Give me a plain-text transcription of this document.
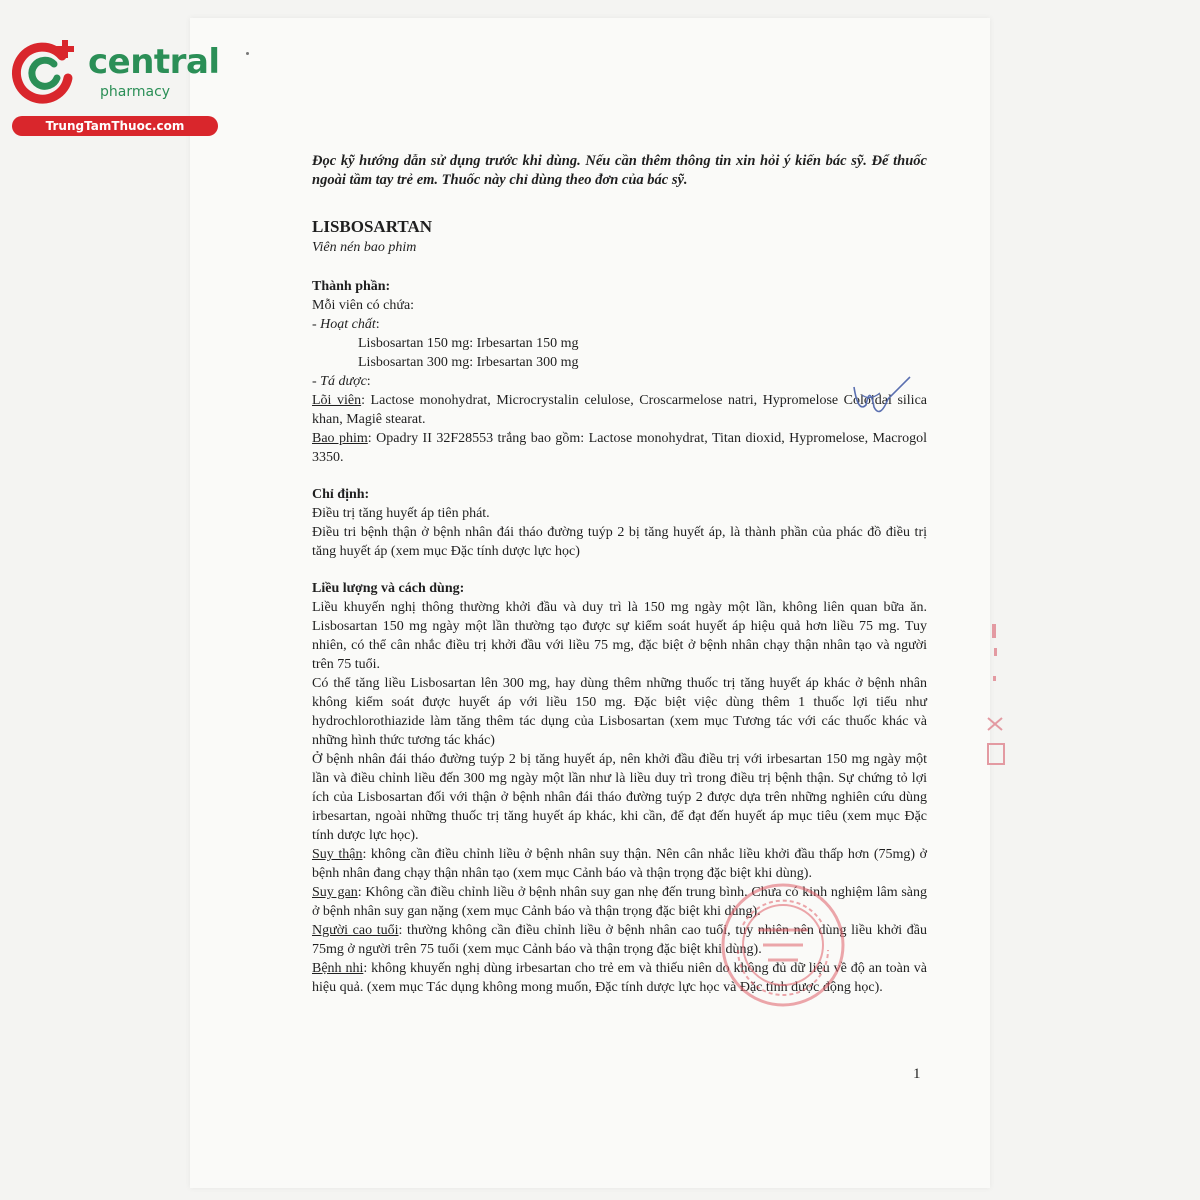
central
pharmacy
TrungTamThuoc.com

Đọc kỹ hướng dẫn sử dụng trước khi dùng. Nếu cần thêm thông tin xin hỏi ý kiến bác sỹ. Để thuốc ngoài tầm tay trẻ em. Thuốc này chỉ dùng theo đơn của bác sỹ.

LISBOSARTAN

Viên nén bao phim

Thành phần:

Mỗi viên có chứa:

- Hoạt chất:

Lisbosartan 150 mg: Irbesartan 150 mg

Lisbosartan 300 mg: Irbesartan 300 mg

- Tá dược:

Lõi viên: Lactose monohydrat, Microcrystalin celulose, Croscarmelose natri, Hypromelose Coloidal silica khan, Magiê stearat.

Bao phim: Opadry II 32F28553 trắng bao gồm: Lactose monohydrat, Titan dioxid, Hypromelose, Macrogol 3350.

Chỉ định:

Điều trị tăng huyết áp tiên phát.

Điều tri bệnh thận ở bệnh nhân đái tháo đường tuýp 2 bị tăng huyết áp, là thành phần của phác đồ điều trị tăng huyết áp (xem mục Đặc tính dược lực học)

Liều lượng và cách dùng:

Liều khuyến nghị thông thường khởi đầu và duy trì là 150 mg ngày một lần, không liên quan bữa ăn. Lisbosartan 150 mg ngày một lần thường tạo được sự kiểm soát huyết áp hiệu quả hơn liều 75 mg. Tuy nhiên, có thể cân nhắc điều trị khởi đầu với liều 75 mg, đặc biệt ở bệnh nhân chạy thận nhân tạo và người trên 75 tuổi.

Có thể tăng liều Lisbosartan lên 300 mg, hay dùng thêm những thuốc trị tăng huyết áp khác ở bệnh nhân không kiểm soát được huyết áp với liều 150 mg. Đặc biệt việc dùng thêm 1 thuốc lợi tiểu như hydrochlorothiazide làm tăng thêm tác dụng của Lisbosartan (xem mục Tương tác với các thuốc khác và những hình thức tương tác khác)

Ở bệnh nhân đái tháo đường tuýp 2 bị tăng huyết áp, nên khởi đầu điều trị với irbesartan 150 mg ngày một lần và điều chỉnh liều đến 300 mg ngày một lần như là liều duy trì trong điều trị bệnh thận. Sự chứng tỏ lợi ích của Lisbosartan đối với thận ở bệnh nhân đái tháo đường tuýp 2 được dựa trên những nghiên cứu dùng irbesartan, ngoài những thuốc trị tăng huyết áp khác, khi cần, để đạt đến huyết áp mục tiêu (xem mục Đặc tính dược lực học).

Suy thận: không cần điều chỉnh liều ở bệnh nhân suy thận. Nên cân nhắc liều khởi đầu thấp hơn (75mg) ở bệnh nhân đang chạy thận nhân tạo (xem mục Cảnh báo và thận trọng đặc biệt khi dùng).

Suy gan: Không cần điều chỉnh liều ở bệnh nhân suy gan nhẹ đến trung bình. Chưa có kinh nghiệm lâm sàng ở bệnh nhân suy gan nặng (xem mục Cảnh báo và thận trọng đặc biệt khi dùng).

Người cao tuổi: thường không cần điều chỉnh liều ở bệnh nhân cao tuổi, tuy nhiên nên dùng liều khởi đầu 75mg ở người trên 75 tuổi (xem mục Cảnh báo và thận trọng đặc biệt khi dùng).

Bệnh nhi: không khuyến nghị dùng irbesartan cho trẻ em và thiếu niên do không đủ dữ liệu về độ an toàn và hiệu quả. (xem mục Tác dụng không mong muốn, Đặc tính dược lực học và Đặc tính dược động học).

1
